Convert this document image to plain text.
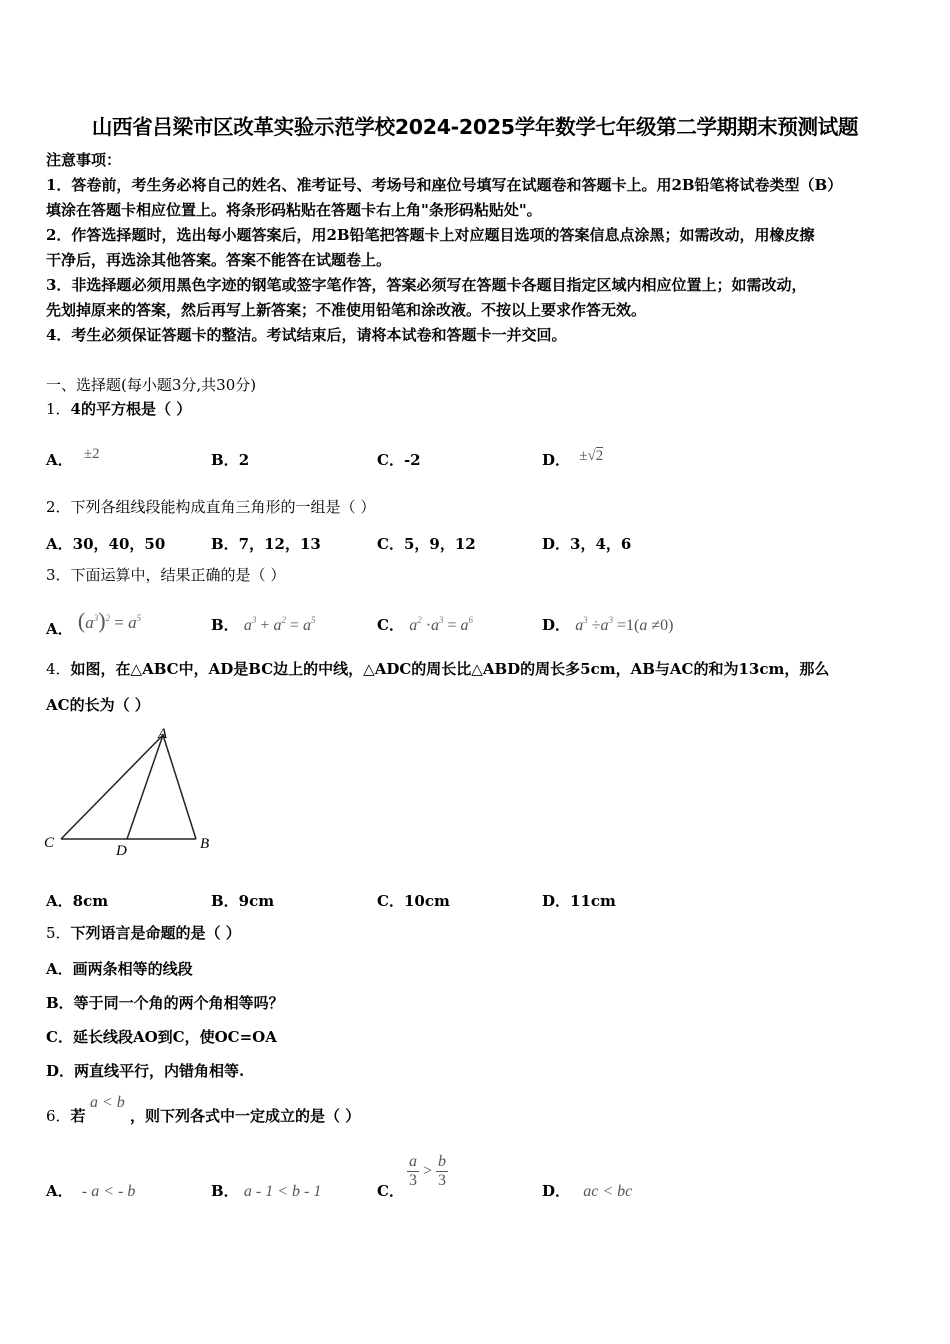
山西省吕梁市区改革实验示范学校2024-2025学年数学七年级第二学期期末预测试题
注意事项：
1．答卷前，考生务必将自己的姓名、准考证号、考场号和座位号填写在试题卷和答题卡上。用2B铅笔将试卷类型（B）
填涂在答题卡相应位置上。将条形码粘贴在答题卡右上角"条形码粘贴处"。
2．作答选择题时，选出每小题答案后，用2B铅笔把答题卡上对应题目选项的答案信息点涂黑；如需改动，用橡皮擦
干净后，再选涂其他答案。答案不能答在试题卷上。
3．非选择题必须用黑色字迹的钢笔或签字笔作答，答案必须写在答题卡各题目指定区域内相应位置上；如需改动，
先划掉原来的答案，然后再写上新答案；不准使用铅笔和涂改液。不按以上要求作答无效。
4．考生必须保证答题卡的整洁。考试结束后，请将本试卷和答题卡一并交回。
一、选择题(每小题3分,共30分)
1．4的平方根是（ ）
A． ±2	B．2	C．-2	D． ±√2
2．下列各组线段能构成直角三角形的一组是（ ）
A．30，40，50	B．7，12，13	C．5，9，12	D．3，4，6
3．下面运算中，结果正确的是（ ）
A． $(a^3)^2 = a^5$	B． $a^3 + a^2 = a^5$	C． $a^2 \cdot a^3 = a^6$	D． $a^3 \div a^3 =1(a \ne 0)$
4．如图，在△ABC中，AD是BC边上的中线，△ADC的周长比△ABD的周长多5cm，AB与AC的和为13cm，那么
AC的长为（ ）
A
C	D	B
A．8cm	B．9cm	C．10cm	D．11cm
5．下列语言是命题的是（ ）
A．画两条相等的线段
B．等于同一个角的两个角相等吗？
C．延长线段AO到C，使OC=OA
D．两直线平行，内错角相等.
6．若
a < b
，则下列各式中一定成立的是（ ）
A． - a < - b	B． a - 1 < b - 1	C．
$\frac{a}{3} > \frac{b}{3}$
D． ac < bc
